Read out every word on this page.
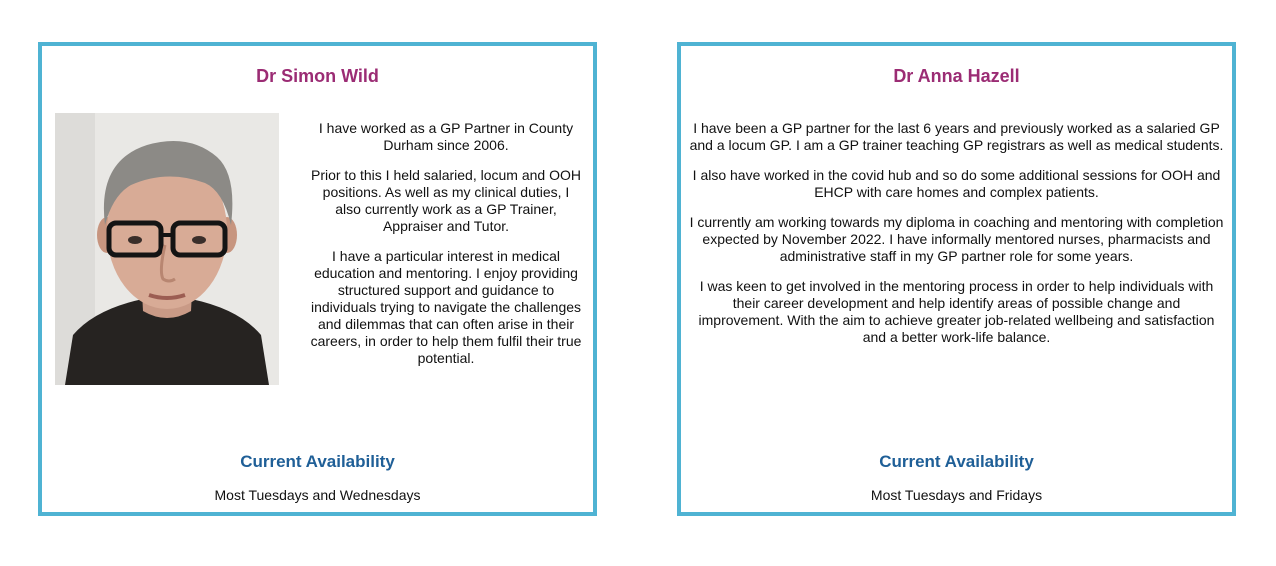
Dr Simon Wild

I have worked as a GP Partner in County Durham since 2006.

Prior to this I held salaried, locum and OOH positions. As well as my clinical duties, I also currently work as a GP Trainer, Appraiser and Tutor.

I have a particular interest in medical education and mentoring. I enjoy providing structured support and guidance to individuals trying to navigate the challenges and dilemmas that can often arise in their careers, in order to help them fulfil their true potential.

Current Availability
Most Tuesdays and Wednesdays
Dr Anna Hazell

I have been a GP partner for the last 6 years and previously worked as a salaried GP and a locum GP. I am a GP trainer teaching GP registrars as well as medical students.

I also have worked in the covid hub and so do some additional sessions for OOH and EHCP with care homes and complex patients.

I currently am working towards my diploma in coaching and mentoring with completion expected by November 2022. I have informally mentored nurses, pharmacists and administrative staff in my GP partner role for some years.

I was keen to get involved in the mentoring process in order to help individuals with their career development and help identify areas of possible change and improvement. With the aim to achieve greater job-related wellbeing and satisfaction and a better work-life balance.

Current Availability
Most Tuesdays and Fridays
